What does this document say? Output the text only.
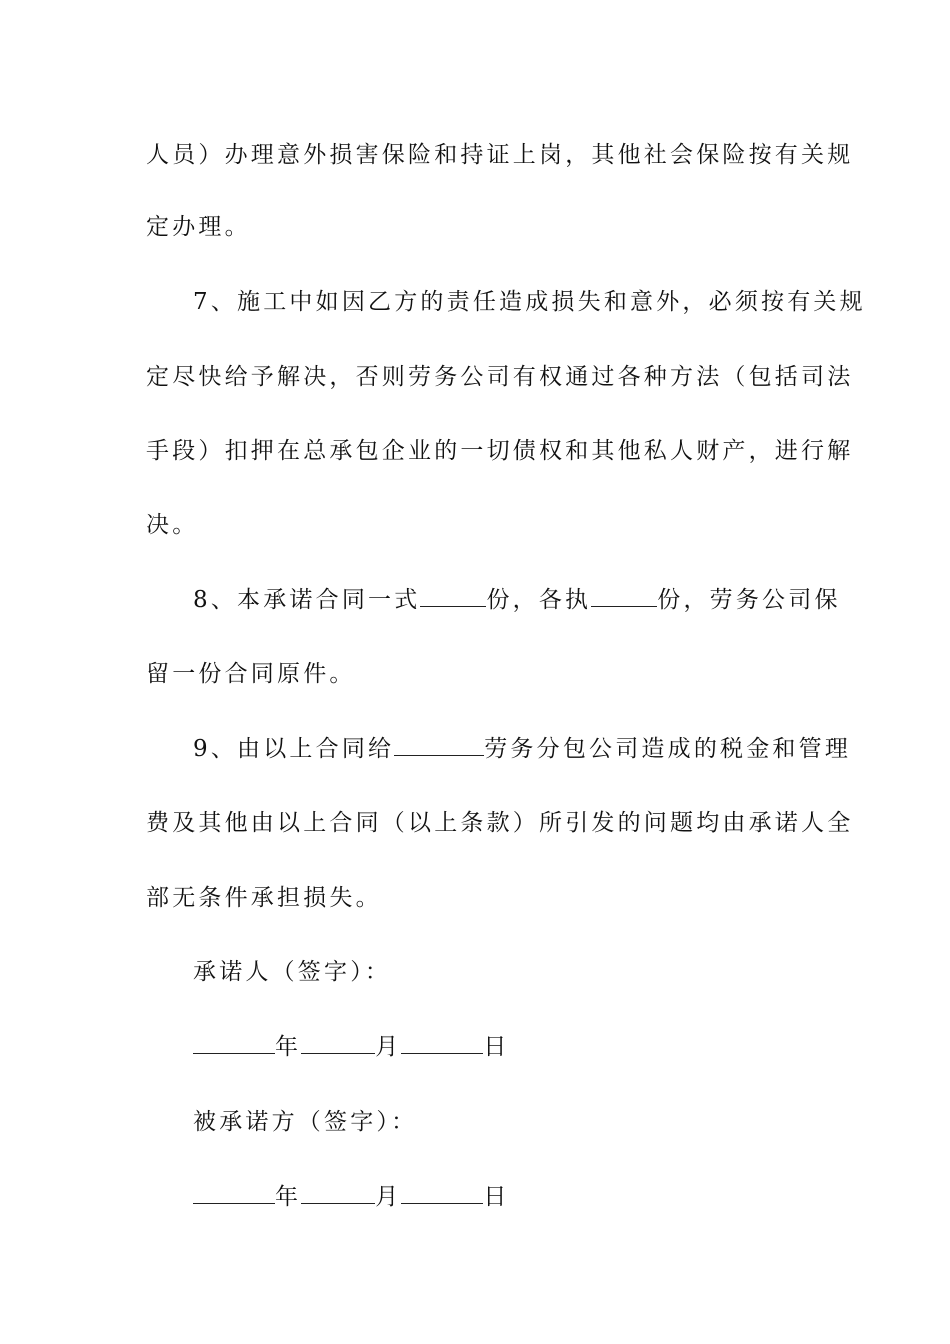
人员）办理意外损害保险和持证上岗，其他社会保险按有关规
定办理。
7、施工中如因乙方的责任造成损失和意外，必须按有关规
定尽快给予解决，否则劳务公司有权通过各种方法（包括司法
手段）扣押在总承包企业的一切债权和其他私人财产，进行解
决。
8、本承诺合同一式	份，各执	份，劳务公司保
留一份合同原件。
9、由以上合同给	劳务分包公司造成的税金和管理
费及其他由以上合同（以上条款）所引发的问题均由承诺人全
部无条件承担损失。
承诺人（签字）：
年	月	日
被承诺方（签字）：
年	月	日
